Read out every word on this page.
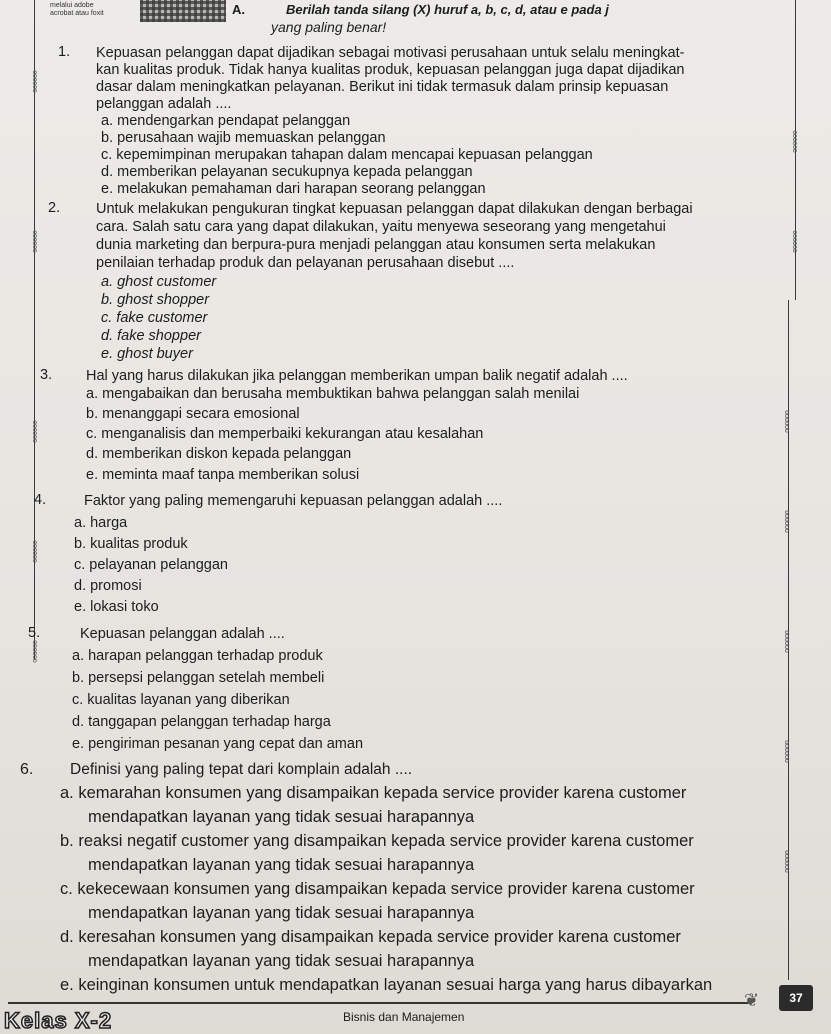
००००००
००००००
००००००
००००००
००००००
००००००
००००००
००००००
००००००
००००००
००००००
००००००
melalui adobe
acrobat atau foxit	A.	Berilah tanda silang (X) huruf a, b, c, d, atau e pada j
yang paling benar!
1. Kepuasan pelanggan dapat dijadikan sebagai motivasi perusahaan untuk selalu meningkat-
kan kualitas produk. Tidak hanya kualitas produk, kepuasan pelanggan juga dapat dijadikan
dasar dalam meningkatkan pelayanan. Berikut ini tidak termasuk dalam prinsip kepuasan
pelanggan adalah ....
a. mendengarkan pendapat pelanggan
b. perusahaan wajib memuaskan pelanggan
c. kepemimpinan merupakan tahapan dalam mencapai kepuasan pelanggan
d. memberikan pelayanan secukupnya kepada pelanggan
e. melakukan pemahaman dari harapan seorang pelanggan
2. Untuk melakukan pengukuran tingkat kepuasan pelanggan dapat dilakukan dengan berbagai
cara. Salah satu cara yang dapat dilakukan, yaitu menyewa seseorang yang mengetahui
dunia marketing dan berpura-pura menjadi pelanggan atau konsumen serta melakukan
penilaian terhadap produk dan pelayanan perusahaan disebut ....
a. ghost customer
b. ghost shopper
c. fake customer
d. fake shopper
e. ghost buyer
3. Hal yang harus dilakukan jika pelanggan memberikan umpan balik negatif adalah ....
a. mengabaikan dan berusaha membuktikan bahwa pelanggan salah menilai
b. menanggapi secara emosional
c. menganalisis dan memperbaiki kekurangan atau kesalahan
d. memberikan diskon kepada pelanggan
e. meminta maaf tanpa memberikan solusi
4.	Faktor yang paling memengaruhi kepuasan pelanggan adalah ....
a. harga
b. kualitas produk
c. pelayanan pelanggan
d. promosi
e. lokasi toko
5.	Kepuasan pelanggan adalah ....
a. harapan pelanggan terhadap produk
b. persepsi pelanggan setelah membeli
c. kualitas layanan yang diberikan
d. tanggapan pelanggan terhadap harga
e. pengiriman pesanan yang cepat dan aman
6. Definisi yang paling tepat dari komplain adalah ....
a. kemarahan konsumen yang disampaikan kepada service provider karena customer
mendapatkan layanan yang tidak sesuai harapannya
b. reaksi negatif customer yang disampaikan kepada service provider karena customer
mendapatkan layanan yang tidak sesuai harapannya
c. kekecewaan konsumen yang disampaikan kepada service provider karena customer
mendapatkan layanan yang tidak sesuai harapannya
d. keresahan konsumen yang disampaikan kepada service provider karena customer
mendapatkan layanan yang tidak sesuai harapannya
e. keinginan konsumen untuk mendapatkan layanan sesuai harga yang harus dibayarkan
Kelas X-2	Bisnis dan Manajemen
❦	37
